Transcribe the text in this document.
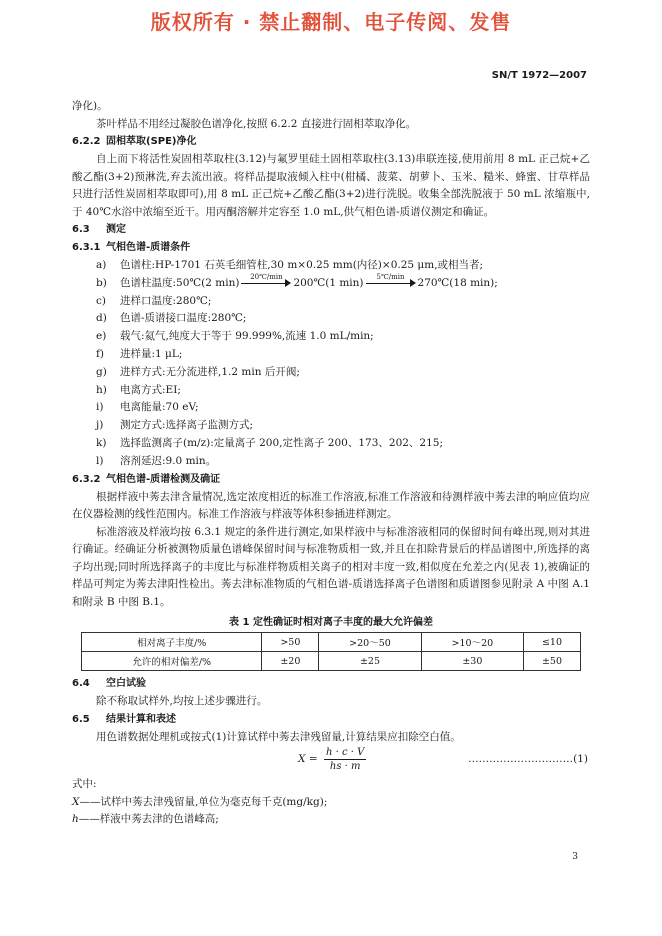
版权所有 · 禁止翻制、电子传阅、发售
SN/T 1972—2007

净化)。

茶叶样品不用经过凝胶色谱净化,按照 6.2.2 直接进行固相萃取净化。

6.2.2 固相萃取(SPE)净化

自上而下将活性炭固相萃取柱(3.12)与氟罗里硅土固相萃取柱(3.13)串联连接,使用前用 8 mL 正己烷+乙酸乙酯(3+2)预淋洗,弃去流出液。将样品提取液倾入柱中(柑橘、菠菜、胡萝卜、玉米、糙米、蜂蜜、甘草样品只进行活性炭固相萃取即可),用 8 mL 正己烷+乙酸乙酯(3+2)进行洗脱。收集全部洗脱液于 50 mL 浓缩瓶中,于 40℃水浴中浓缩至近干。用丙酮溶解并定容至 1.0 mL,供气相色谱-质谱仪测定和确证。

6.3 测定

6.3.1 气相色谱-质谱条件

a) 色谱柱:HP-1701 石英毛细管柱,30 m×0.25 mm(内径)×0.25 μm,或相当者;

b) 色谱柱温度:50℃(2 min)	20℃/min	200℃(1 min)	5℃/min	270℃(18 min);

c) 进样口温度:280℃;

d) 色谱-质谱接口温度:280℃;

e) 载气:氦气,纯度大于等于 99.999%,流速 1.0 mL/min;

f) 进样量:1 μL;

g) 进样方式:无分流进样,1.2 min 后开阀;

h) 电离方式:EI;

i) 电离能量:70 eV;

j) 测定方式:选择离子监测方式;

k) 选择监测离子(m/z):定量离子 200,定性离子 200、173、202、215;

l) 溶剂延迟:9.0 min。

6.3.2 气相色谱-质谱检测及确证

根据样液中莠去津含量情况,选定浓度相近的标准工作溶液,标准工作溶液和待测样液中莠去津的响应值均应在仪器检测的线性范围内。标准工作溶液与样液等体积参插进样测定。

标准溶液及样液均按 6.3.1 规定的条件进行测定,如果样液中与标准溶液相同的保留时间有峰出现,则对其进行确证。经确证分析被测物质量色谱峰保留时间与标准物质相一致,并且在扣除背景后的样品谱图中,所选择的离子均出现;同时所选择离子的丰度比与标准样物质相关离子的相对丰度一致,相似度在允差之内(见表 1),被确证的样品可判定为莠去津阳性检出。莠去津标准物质的气相色谱-质谱选择离子色谱图和质谱图参见附录 A 中图 A.1 和附录 B 中图 B.1。

表 1 定性确证时相对离子丰度的最大允许偏差

相对离子丰度/%	>50	>20～50	>10～20	≤10
允许的相对偏差/%	±20	±25	±30	±50

6.4 空白试验

除不称取试样外,均按上述步骤进行。

6.5 结果计算和表述

用色谱数据处理机或按式(1)计算试样中莠去津残留量,计算结果应扣除空白值。

$X = \frac{h \cdot c \cdot V}{hs \cdot m}$	…………………………(1)

式中:

X——试样中莠去津残留量,单位为毫克每千克(mg/kg);

h——样液中莠去津的色谱峰高;

3
